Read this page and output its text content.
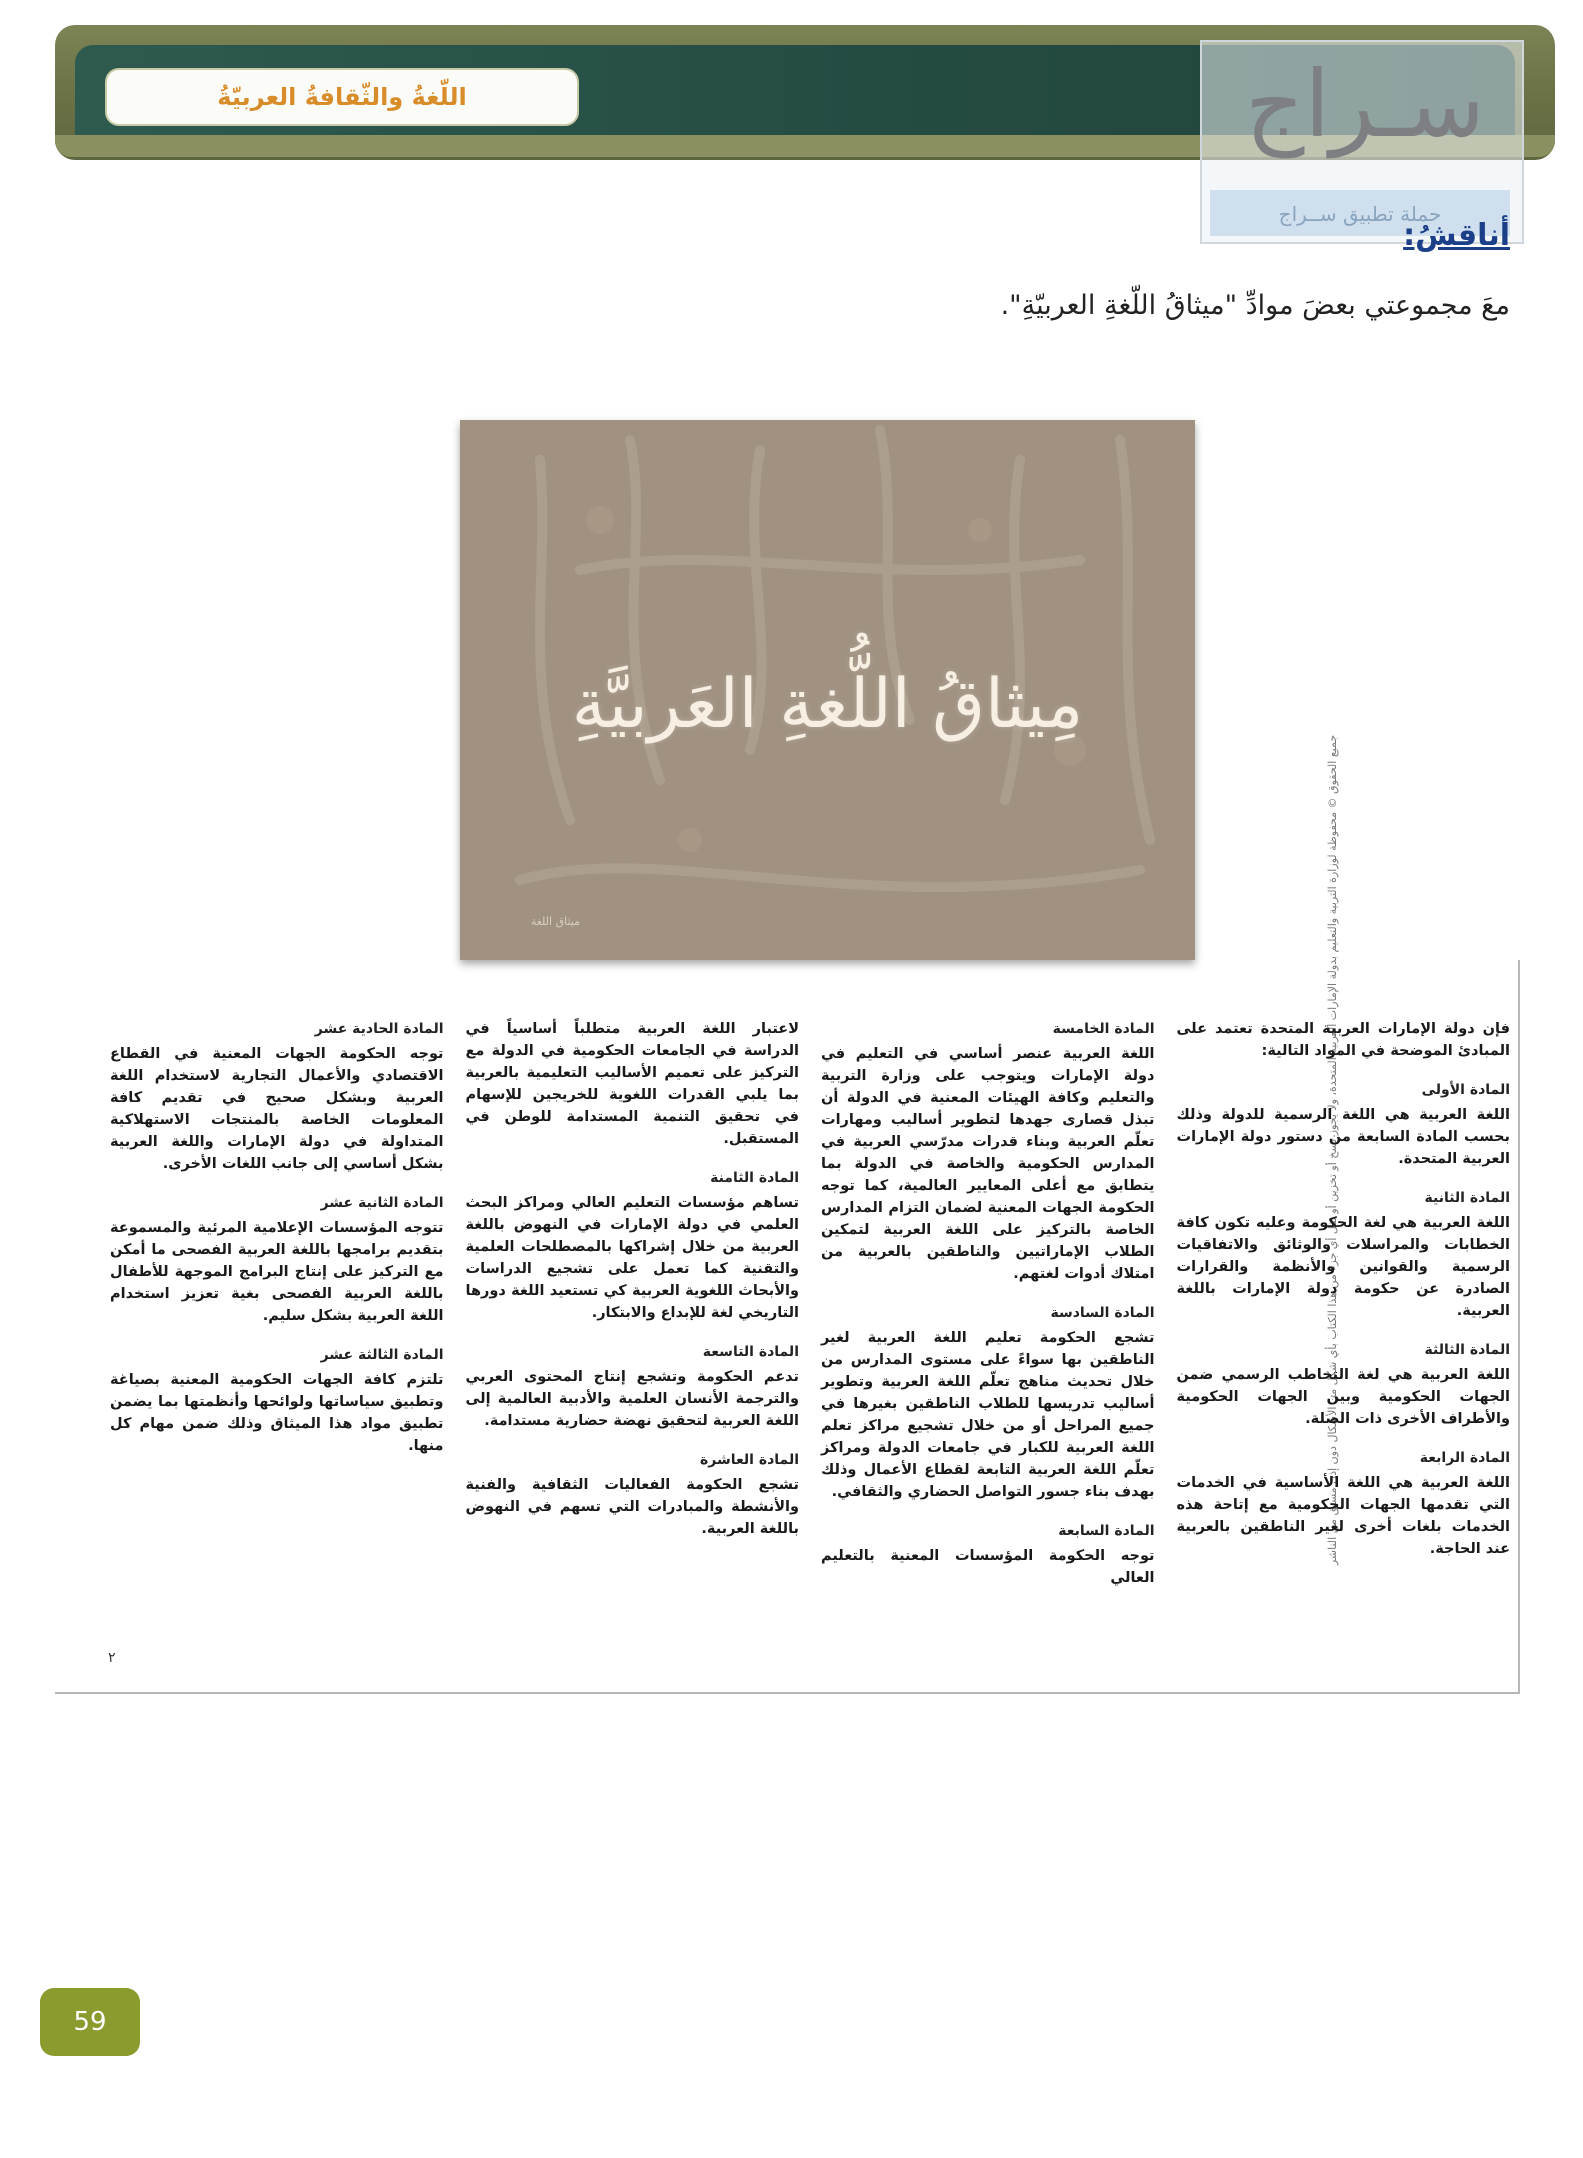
اللّغةُ والثّقافةُ العربيّةُ	سـراج
حملة تطبيق ســراج
أناقشُ:
معَ مجموعتي بعضَ موادِّ "ميثاقُ اللّغةِ العربيّةِ".
جميع الحقوق © محفوظة لوزارة التربية والتعليم بدولة الإمارات العربية المتحدة، ولا يجوز نسخ أو تخزين أو نقل أي جزء من هذا الكتاب بأي شكل من الأشكال دون إذن مسبق من الناشر
مِيثاقُ اللُّغةِ العَربيَّةِ
ميثاق اللغة

فإن دولة الإمارات العربية المتحدة تعتمد على المبادئ الموضحة في المواد التالية:

المادة الأولى

اللغة العربية هي اللغة الرسمية للدولة وذلك بحسب المادة السابعة من دستور دولة الإمارات العربية المتحدة.

المادة الثانية

اللغة العربية هي لغة الحكومة وعليه تكون كافة الخطابات والمراسلات والوثائق والاتفاقيات الرسمية والقوانين والأنظمة والقرارات الصادرة عن حكومة دولة الإمارات باللغة العربية.

المادة الثالثة

اللغة العربية هي لغة التخاطب الرسمي ضمن الجهات الحكومية وبين الجهات الحكومية والأطراف الأخرى ذات الصلة.

المادة الرابعة

اللغة العربية هي اللغة الأساسية في الخدمات التي تقدمها الجهات الحكومية مع إتاحة هذه الخدمات بلغات أخرى لغير الناطقين بالعربية عند الحاجة.

المادة الخامسة

اللغة العربية عنصر أساسي في التعليم في دولة الإمارات ويتوجب على وزارة التربية والتعليم وكافة الهيئات المعنية في الدولة أن تبذل قصارى جهدها لتطوير أساليب ومهارات تعلّم العربية وبناء قدرات مدرّسي العربية في المدارس الحكومية والخاصة في الدولة بما يتطابق مع أعلى المعايير العالمية، كما توجه الحكومة الجهات المعنية لضمان التزام المدارس الخاصة بالتركيز على اللغة العربية لتمكين الطلاب الإماراتيين والناطقين بالعربية من امتلاك أدوات لغتهم.

المادة السادسة

تشجع الحكومة تعليم اللغة العربية لغير الناطقين بها سواءً على مستوى المدارس من خلال تحديث مناهج تعلّم اللغة العربية وتطوير أساليب تدريسها للطلاب الناطقين بغيرها في جميع المراحل أو من خلال تشجيع مراكز تعلم اللغة العربية للكبار في جامعات الدولة ومراكز تعلّم اللغة العربية التابعة لقطاع الأعمال وذلك بهدف بناء جسور التواصل الحضاري والثقافي.

المادة السابعة

توجه الحكومة المؤسسات المعنية بالتعليم العالي

لاعتبار اللغة العربية متطلباً أساسياً في الدراسة في الجامعات الحكومية في الدولة مع التركيز على تعميم الأساليب التعليمية بالعربية بما يلبي القدرات اللغوية للخريجين للإسهام في تحقيق التنمية المستدامة للوطن في المستقبل.

المادة الثامنة

تساهم مؤسسات التعليم العالي ومراكز البحث العلمي في دولة الإمارات في النهوض باللغة العربية من خلال إشراكها بالمصطلحات العلمية والتقنية كما تعمل على تشجيع الدراسات والأبحاث اللغوية العربية كي تستعيد اللغة دورها التاريخي لغة للإبداع والابتكار.

المادة التاسعة

تدعم الحكومة وتشجع إنتاج المحتوى العربي والترجمة الأنسان العلمية والأدبية العالمية إلى اللغة العربية لتحقيق نهضة حضارية مستدامة.

المادة العاشرة

تشجع الحكومة الفعاليات الثقافية والفنية والأنشطة والمبادرات التي تسهم في النهوض باللغة العربية.

المادة الحادية عشر

توجه الحكومة الجهات المعنية في القطاع الاقتصادي والأعمال التجارية لاستخدام اللغة العربية وبشكل صحيح في تقديم كافة المعلومات الخاصة بالمنتجات الاستهلاكية المتداولة في دولة الإمارات واللغة العربية بشكل أساسي إلى جانب اللغات الأخرى.

المادة الثانية عشر

تتوجه المؤسسات الإعلامية المرئية والمسموعة بتقديم برامجها باللغة العربية الفصحى ما أمكن مع التركيز على إنتاج البرامج الموجهة للأطفال باللغة العربية الفصحى بغية تعزيز استخدام اللغة العربية بشكل سليم.

المادة الثالثة عشر

تلتزم كافة الجهات الحكومية المعنية بصياغة وتطبيق سياساتها ولوائحها وأنظمتها بما يضمن تطبيق مواد هذا الميثاق وذلك ضمن مهام كل منها.

٢
59
